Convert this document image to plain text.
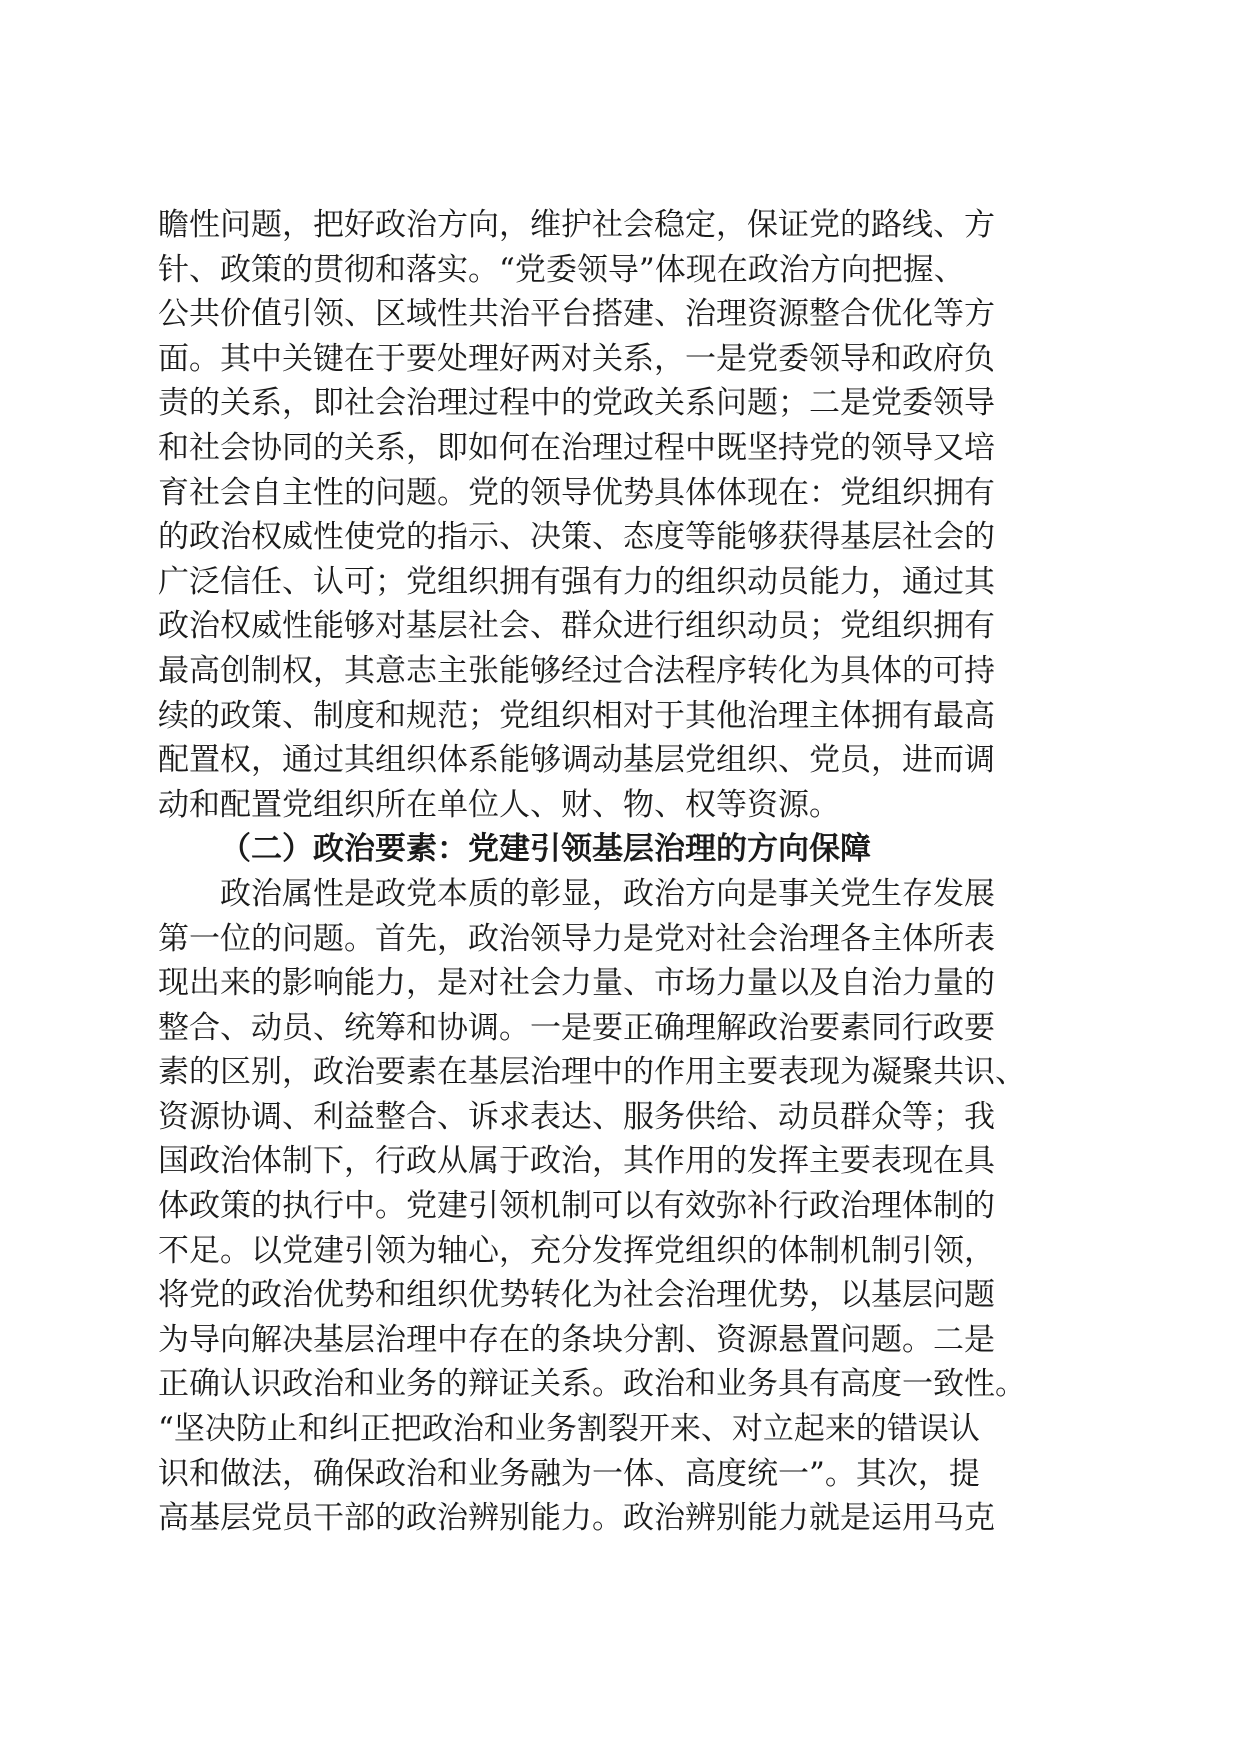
瞻性问题，把好政治方向，维护社会稳定，保证党的路线、方
针、政策的贯彻和落实。“党委领导”体现在政治方向把握、
公共价值引领、区域性共治平台搭建、治理资源整合优化等方
面。其中关键在于要处理好两对关系，一是党委领导和政府负
责的关系，即社会治理过程中的党政关系问题；二是党委领导
和社会协同的关系，即如何在治理过程中既坚持党的领导又培
育社会自主性的问题。党的领导优势具体体现在：党组织拥有
的政治权威性使党的指示、决策、态度等能够获得基层社会的
广泛信任、认可；党组织拥有强有力的组织动员能力，通过其
政治权威性能够对基层社会、群众进行组织动员；党组织拥有
最高创制权，其意志主张能够经过合法程序转化为具体的可持
续的政策、制度和规范；党组织相对于其他治理主体拥有最高
配置权，通过其组织体系能够调动基层党组织、党员，进而调
动和配置党组织所在单位人、财、物、权等资源。
（二）政治要素：党建引领基层治理的方向保障
政治属性是政党本质的彰显，政治方向是事关党生存发展
第一位的问题。首先，政治领导力是党对社会治理各主体所表
现出来的影响能力，是对社会力量、市场力量以及自治力量的
整合、动员、统筹和协调。一是要正确理解政治要素同行政要
素的区别，政治要素在基层治理中的作用主要表现为凝聚共识、
资源协调、利益整合、诉求表达、服务供给、动员群众等；我
国政治体制下，行政从属于政治，其作用的发挥主要表现在具
体政策的执行中。党建引领机制可以有效弥补行政治理体制的
不足。以党建引领为轴心，充分发挥党组织的体制机制引领，
将党的政治优势和组织优势转化为社会治理优势，以基层问题
为导向解决基层治理中存在的条块分割、资源悬置问题。二是
正确认识政治和业务的辩证关系。政治和业务具有高度一致性。
“坚决防止和纠正把政治和业务割裂开来、对立起来的错误认
识和做法，确保政治和业务融为一体、高度统一”。其次，提
高基层党员干部的政治辨别能力。政治辨别能力就是运用马克
